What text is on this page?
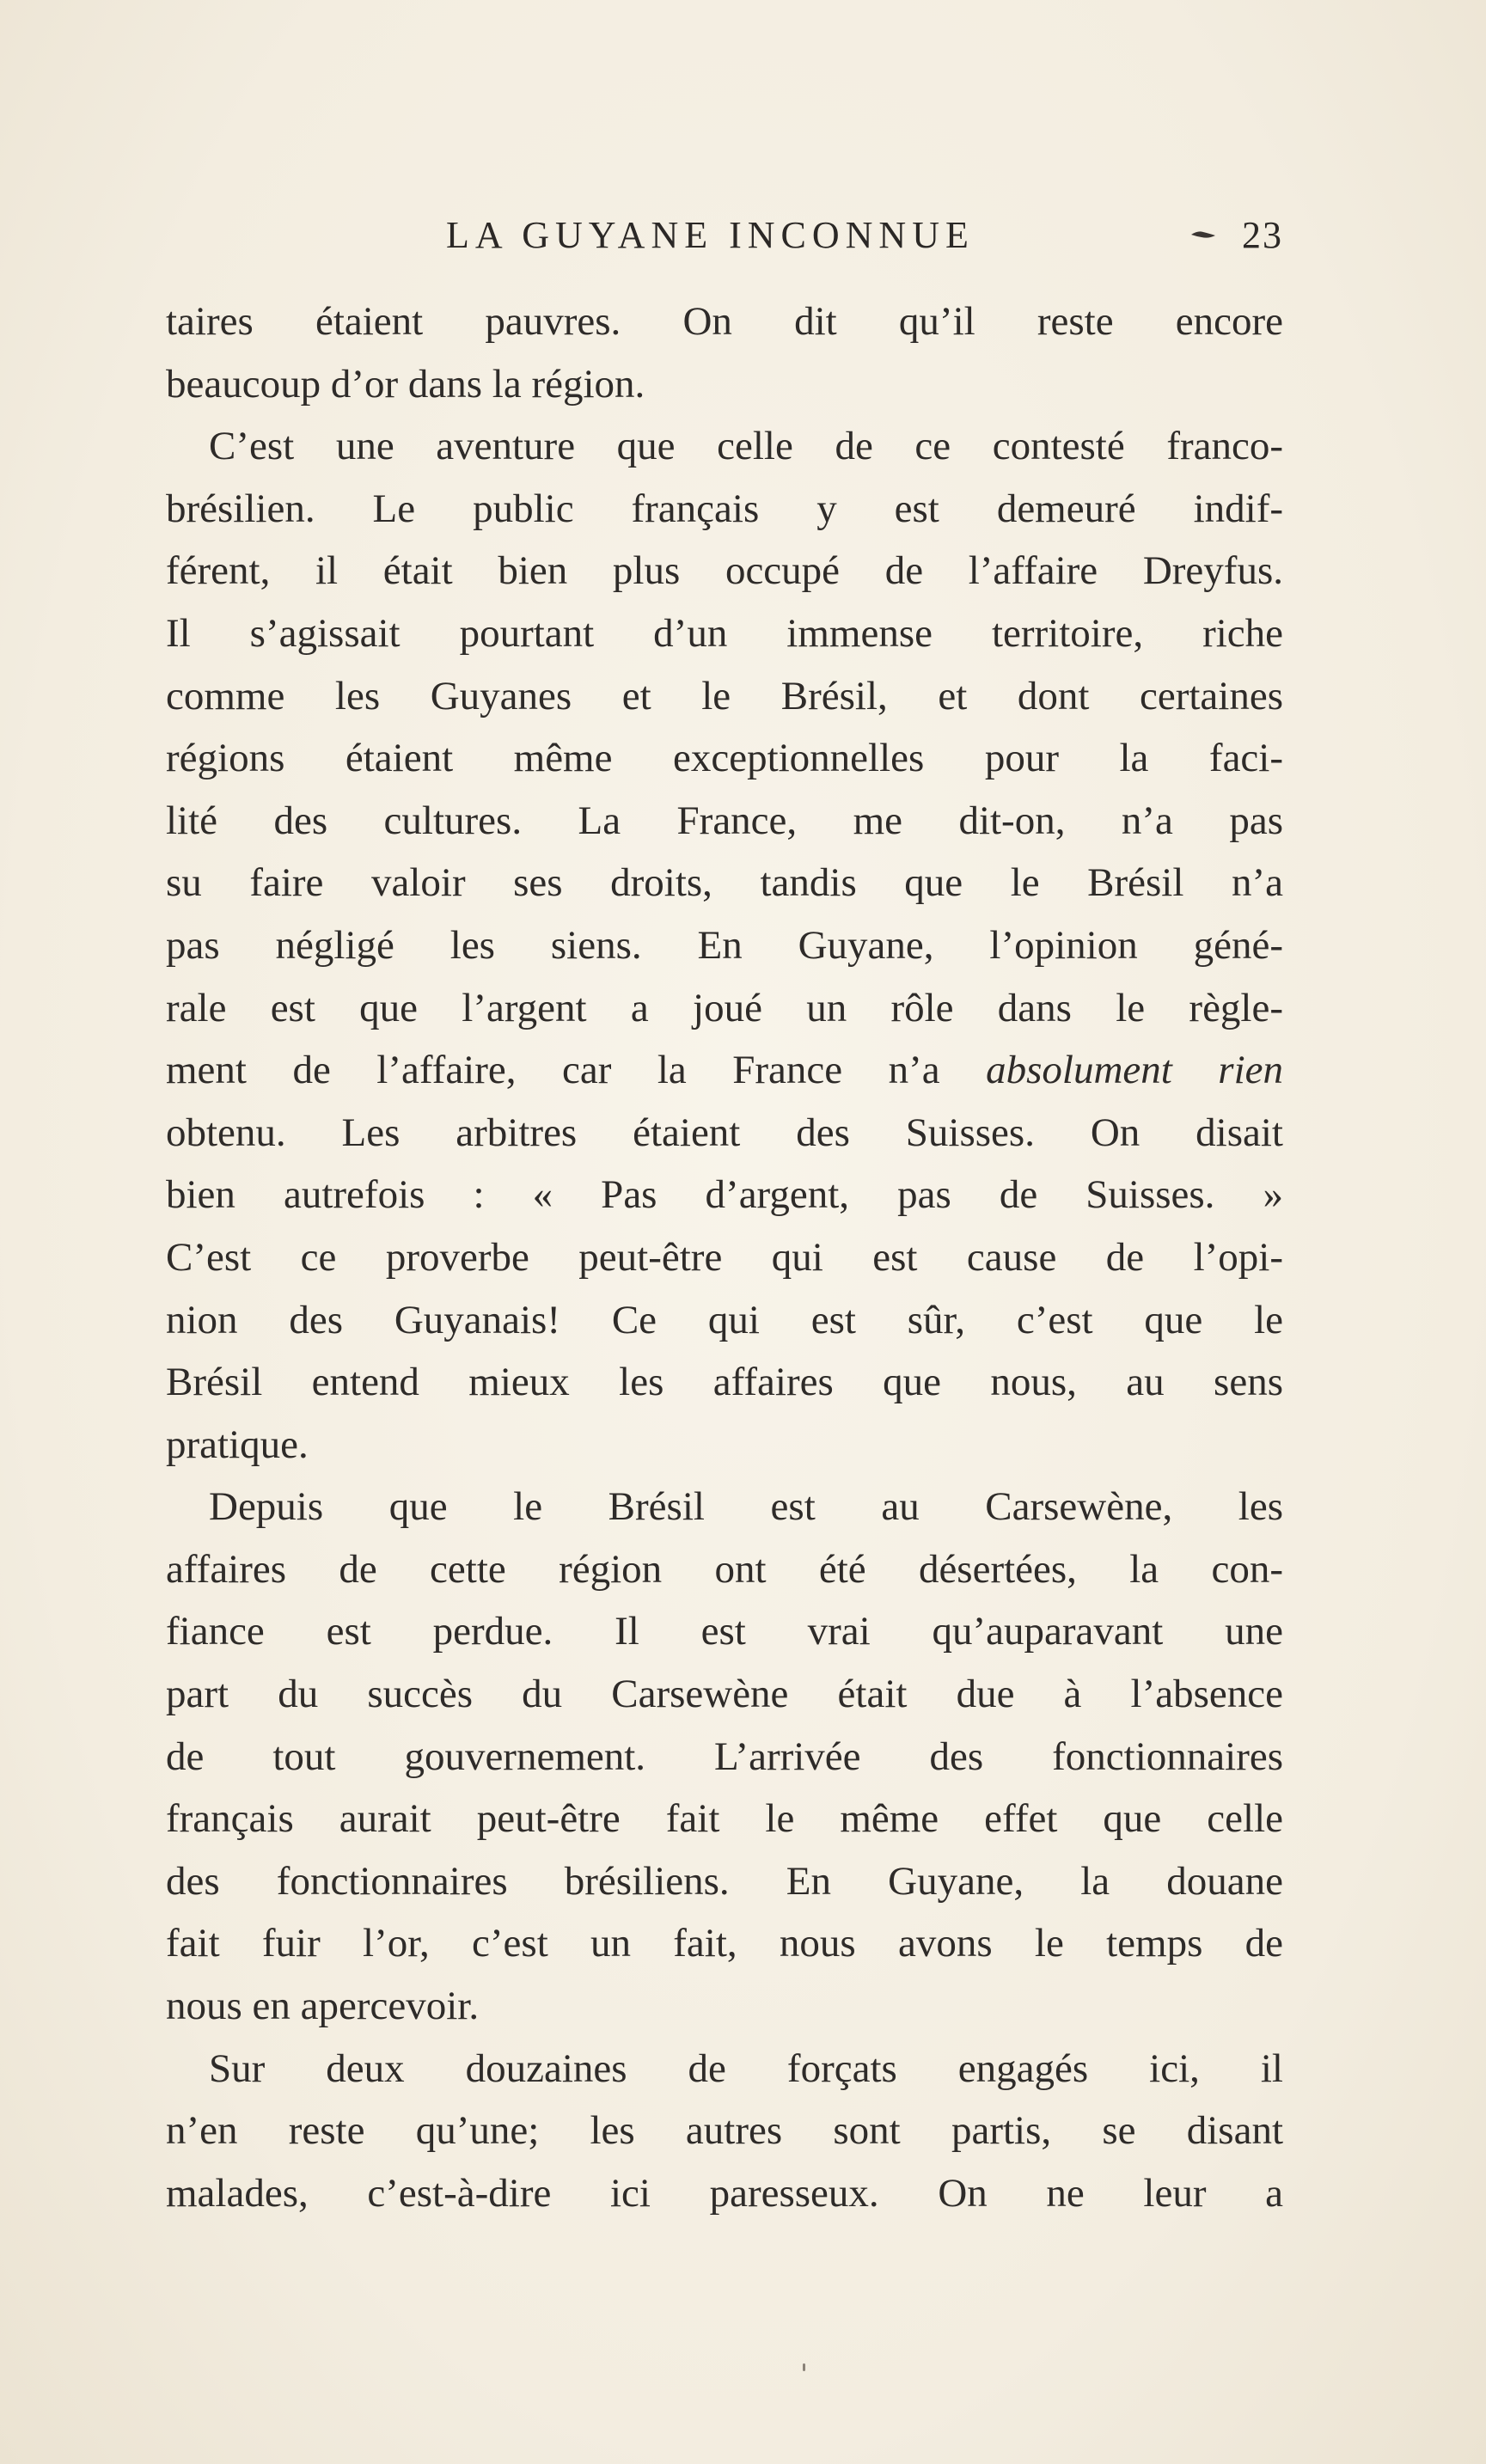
LA GUYANE INCONNUE	23

taires étaient pauvres. On dit qu’il reste encore

beaucoup d’or dans la région.

C’est une aventure que celle de ce contesté franco-

brésilien. Le public français y est demeuré indif-

férent, il était bien plus occupé de l’affaire Dreyfus.

Il s’agissait pourtant d’un immense territoire, riche

comme les Guyanes et le Brésil, et dont certaines

régions étaient même exceptionnelles pour la faci-

lité des cultures. La France, me dit-on, n’a pas

su faire valoir ses droits, tandis que le Brésil n’a

pas négligé les siens. En Guyane, l’opinion géné-

rale est que l’argent a joué un rôle dans le règle-

ment de l’affaire, car la France n’a absolument rien

obtenu. Les arbitres étaient des Suisses. On disait

bien autrefois : « Pas d’argent, pas de Suisses. »

C’est ce proverbe peut-être qui est cause de l’opi-

nion des Guyanais! Ce qui est sûr, c’est que le

Brésil entend mieux les affaires que nous, au sens

pratique.

Depuis que le Brésil est au Carsewène, les

affaires de cette région ont été désertées, la con-

fiance est perdue. Il est vrai qu’auparavant une

part du succès du Carsewène était due à l’absence

de tout gouvernement. L’arrivée des fonctionnaires

français aurait peut-être fait le même effet que celle

des fonctionnaires brésiliens. En Guyane, la douane

fait fuir l’or, c’est un fait, nous avons le temps de

nous en apercevoir.

Sur deux douzaines de forçats engagés ici, il

n’en reste qu’une; les autres sont partis, se disant

malades, c’est-à-dire ici paresseux. On ne leur a
